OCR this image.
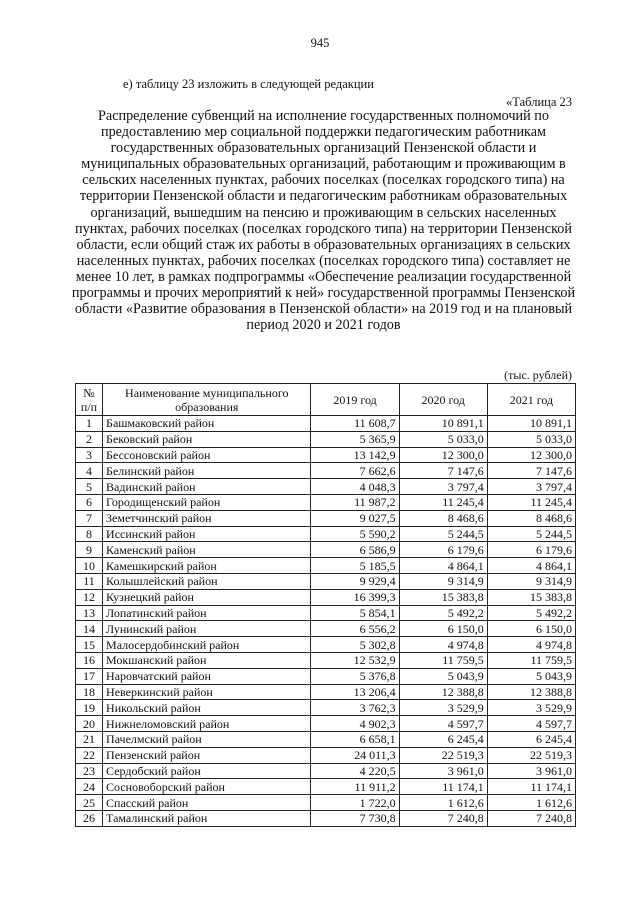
945
е) таблицу 23 изложить в следующей редакции
«Таблица 23
Распределение субвенций на исполнение государственных полномочий по предоставлению мер социальной поддержки педагогическим работникам государственных образовательных организаций Пензенской области и муниципальных образовательных организаций, работающим и проживающим в сельских населенных пунктах, рабочих поселках (поселках городского типа) на территории Пензенской области и педагогическим работникам образовательных организаций, вышедшим на пенсию и проживающим в сельских населенных пунктах, рабочих поселках (поселках городского типа) на территории Пензенской области, если общий стаж их работы в образовательных организациях в сельских населенных пунктах, рабочих поселках (поселках городского типа) составляет не менее 10 лет, в рамках подпрограммы «Обеспечение реализации государственной программы и прочих мероприятий к ней» государственной программы Пензенской области «Развитие образования в Пензенской области» на 2019 год и на плановый период 2020 и 2021 годов
(тыс. рублей)
№ п/п	Наименование муниципального образования	2019 год	2020 год	2021 год
1	Башмаковский район	11 608,7	10 891,1	10 891,1
2	Бековский район	5 365,9	5 033,0	5 033,0
3	Бессоновский район	13 142,9	12 300,0	12 300,0
4	Белинский район	7 662,6	7 147,6	7 147,6
5	Вадинский район	4 048,3	3 797,4	3 797,4
6	Городищенский район	11 987,2	11 245,4	11 245,4
7	Земетчинский район	9 027,5	8 468,6	8 468,6
8	Иссинский район	5 590,2	5 244,5	5 244,5
9	Каменский район	6 586,9	6 179,6	6 179,6
10	Камешкирский район	5 185,5	4 864,1	4 864,1
11	Колышлейский район	9 929,4	9 314,9	9 314,9
12	Кузнецкий район	16 399,3	15 383,8	15 383,8
13	Лопатинский район	5 854,1	5 492,2	5 492,2
14	Лунинский район	6 556,2	6 150,0	6 150,0
15	Малосердобинский район	5 302,8	4 974,8	4 974,8
16	Мокшанский район	12 532,9	11 759,5	11 759,5
17	Наровчатский район	5 376,8	5 043,9	5 043,9
18	Неверкинский район	13 206,4	12 388,8	12 388,8
19	Никольский район	3 762,3	3 529,9	3 529,9
20	Нижнеломовский район	4 902,3	4 597,7	4 597,7
21	Пачелмский район	6 658,1	6 245,4	6 245,4
22	Пензенский район	24 011,3	22 519,3	22 519,3
23	Сердобский район	4 220,5	3 961,0	3 961,0
24	Сосновоборский район	11 911,2	11 174,1	11 174,1
25	Спасский район	1 722,0	1 612,6	1 612,6
26	Тамалинский район	7 730,8	7 240,8	7 240,8
